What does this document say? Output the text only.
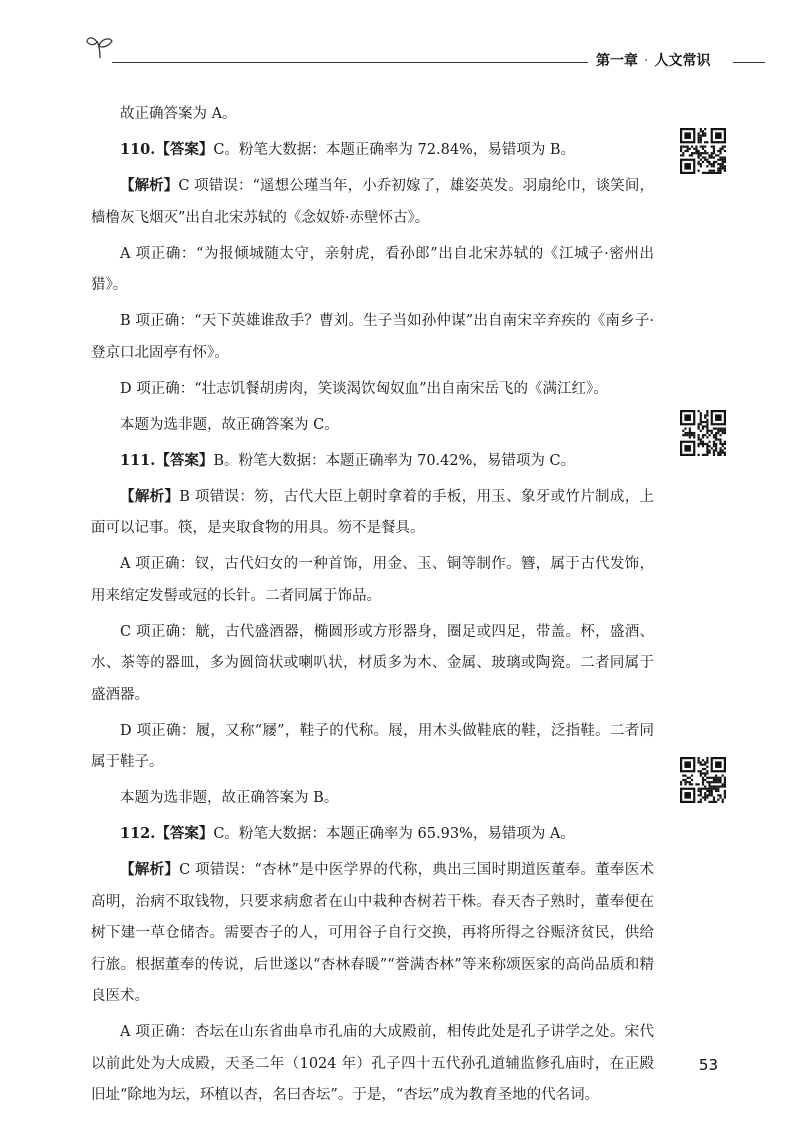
第一章 · 人文常识

故正确答案为 A。

110.【答案】C。粉笔大数据：本题正确率为 72.84%，易错项为 B。

【解析】C 项错误：“遥想公瑾当年，小乔初嫁了，雄姿英发。羽扇纶巾，谈笑间，樯橹灰飞烟灭”出自北宋苏轼的《念奴娇·赤壁怀古》。

A 项正确：“为报倾城随太守，亲射虎，看孙郎”出自北宋苏轼的《江城子·密州出猎》。

B 项正确：“天下英雄谁敌手？曹刘。生子当如孙仲谋”出自南宋辛弃疾的《南乡子·登京口北固亭有怀》。

D 项正确：“壮志饥餐胡虏肉，笑谈渴饮匈奴血”出自南宋岳飞的《满江红》。

本题为选非题，故正确答案为 C。

111.【答案】B。粉笔大数据：本题正确率为 70.42%，易错项为 C。

【解析】B 项错误：笏，古代大臣上朝时拿着的手板，用玉、象牙或竹片制成，上面可以记事。筷，是夹取食物的用具。笏不是餐具。

A 项正确：钗，古代妇女的一种首饰，用金、玉、铜等制作。簪，属于古代发饰，用来绾定发髻或冠的长针。二者同属于饰品。

C 项正确：觥，古代盛酒器，椭圆形或方形器身，圈足或四足，带盖。杯，盛酒、水、茶等的器皿，多为圆筒状或喇叭状，材质多为木、金属、玻璃或陶瓷。二者同属于盛酒器。

D 项正确：履，又称“屦”，鞋子的代称。屐，用木头做鞋底的鞋，泛指鞋。二者同属于鞋子。

本题为选非题，故正确答案为 B。

112.【答案】C。粉笔大数据：本题正确率为 65.93%，易错项为 A。

【解析】C 项错误：“杏林”是中医学界的代称，典出三国时期道医董奉。董奉医术高明，治病不取钱物，只要求病愈者在山中栽种杏树若干株。春天杏子熟时，董奉便在树下建一草仓储杏。需要杏子的人，可用谷子自行交换，再将所得之谷赈济贫民，供给行旅。根据董奉的传说，后世遂以“杏林春暖”“誉满杏林”等来称颂医家的高尚品质和精良医术。

A 项正确：杏坛在山东省曲阜市孔庙的大成殿前，相传此处是孔子讲学之处。宋代以前此处为大成殿，天圣二年（1024 年）孔子四十五代孙孔道辅监修孔庙时，在正殿旧址“除地为坛，环植以杏，名曰杏坛”。于是，“杏坛”成为教育圣地的代名词。

53
